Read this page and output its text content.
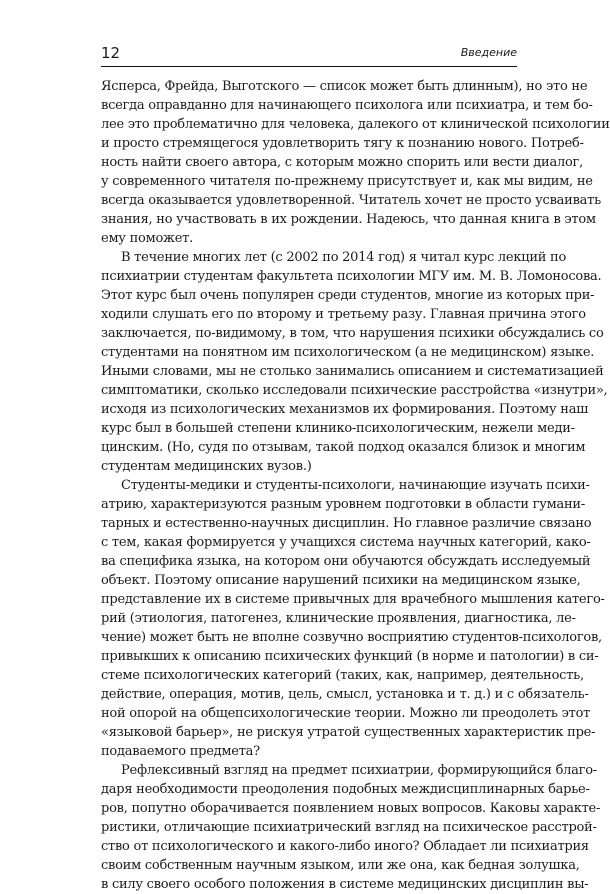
12	Введение
Ясперса, Фрейда, Выготского — список может быть длинным), но это не
всегда оправданно для начинающего психолога или психиатра, и тем бо-
лее это проблематично для человека, далекого от клинической психологии
и просто стремящегося удовлетворить тягу к познанию нового. Потреб-
ность найти своего автора, с которым можно спорить или вести диалог,
у современного читателя по-прежнему присутствует и, как мы видим, не
всегда оказывается удовлетворенной. Читатель хочет не просто усваивать
знания, но участвовать в их рождении. Надеюсь, что данная книга в этом
ему поможет.
В течение многих лет (с 2002 по 2014 год) я читал курс лекций по
психиатрии студентам факультета психологии МГУ им. М. В. Ломоносова.
Этот курс был очень популярен среди студентов, многие из которых при-
ходили слушать его по второму и третьему разу. Главная причина этого
заключается, по-видимому, в том, что нарушения психики обсуждались со
студентами на понятном им психологическом (а не медицинском) языке.
Иными словами, мы не столько занимались описанием и систематизацией
симптоматики, сколько исследовали психические расстройства «изнутри»,
исходя из психологических механизмов их формирования. Поэтому наш
курс был в большей степени клинико-психологическим, нежели меди-
цинским. (Но, судя по отзывам, такой подход оказался близок и многим
студентам медицинских вузов.)
Студенты-медики и студенты-психологи, начинающие изучать психи-
атрию, характеризуются разным уровнем подготовки в области гумани-
тарных и естественно-научных дисциплин. Но главное различие связано
с тем, какая формируется у учащихся система научных категорий, како-
ва специфика языка, на котором они обучаются обсуждать исследуемый
объект. Поэтому описание нарушений психики на медицинском языке,
представление их в системе привычных для врачебного мышления катего-
рий (этиология, патогенез, клинические проявления, диагностика, ле-
чение) может быть не вполне созвучно восприятию студентов-психологов,
привыкших к описанию психических функций (в норме и патологии) в си-
стеме психологических категорий (таких, как, например, деятельность,
действие, операция, мотив, цель, смысл, установка и т. д.) и с обязатель-
ной опорой на общепсихологические теории. Можно ли преодолеть этот
«языковой барьер», не рискуя утратой существенных характеристик пре-
подаваемого предмета?
Рефлексивный взгляд на предмет психиатрии, формирующийся благо-
даря необходимости преодоления подобных междисциплинарных барье-
ров, попутно оборачивается появлением новых вопросов. Каковы характе-
ристики, отличающие психиатрический взгляд на психическое расстрой-
ство от психологического и какого-либо иного? Обладает ли психиатрия
своим собственным научным языком, или же она, как бедная золушка,
в силу своего особого положения в системе медицинских дисциплин вы-
